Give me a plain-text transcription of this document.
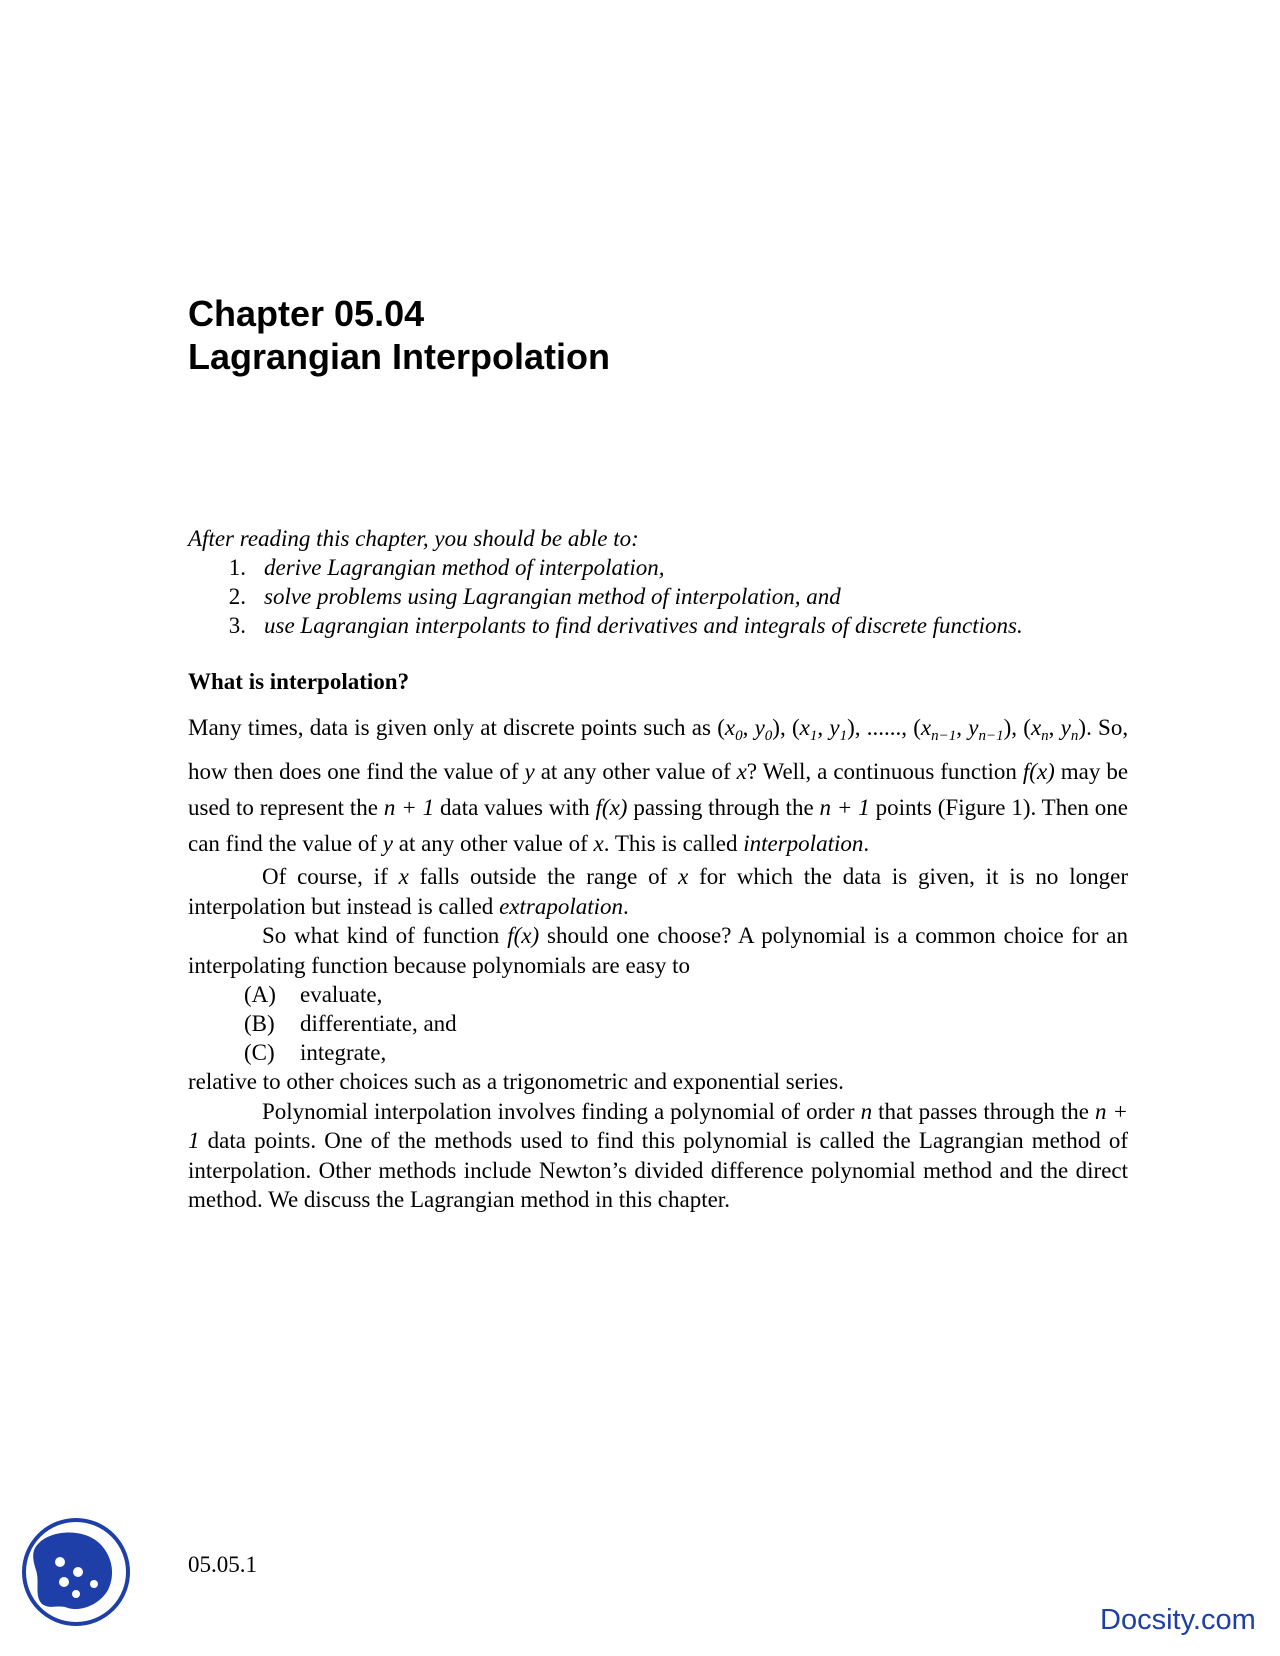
Chapter 05.04
Lagrangian Interpolation
After reading this chapter, you should be able to:
1. derive Lagrangian method of interpolation,
2. solve problems using Lagrangian method of interpolation, and
3. use Lagrangian interpolants to find derivatives and integrals of discrete functions.
What is interpolation?

Many times, data is given only at discrete points such as ($x_0$, $y_0$), ($x_1$, $y_1$), ......, ($x_{n-1}$, $y_{n-1}$), ($x_n$, $y_n$). So, how then does one find the value of y at any other value of x? Well, a continuous function f(x) may be used to represent the n + 1 data values with f(x) passing through the n + 1 points (Figure 1). Then one can find the value of y at any other value of x. This is called interpolation.

Of course, if x falls outside the range of x for which the data is given, it is no longer interpolation but instead is called extrapolation.

So what kind of function f(x) should one choose? A polynomial is a common choice for an interpolating function because polynomials are easy to

(A)	evaluate,
(B)	differentiate, and
(C)	integrate,

relative to other choices such as a trigonometric and exponential series.

Polynomial interpolation involves finding a polynomial of order n that passes through the n + 1 data points. One of the methods used to find this polynomial is called the Lagrangian method of interpolation. Other methods include Newton’s divided difference polynomial method and the direct method. We discuss the Lagrangian method in this chapter.

05.05.1
Docsity.com
